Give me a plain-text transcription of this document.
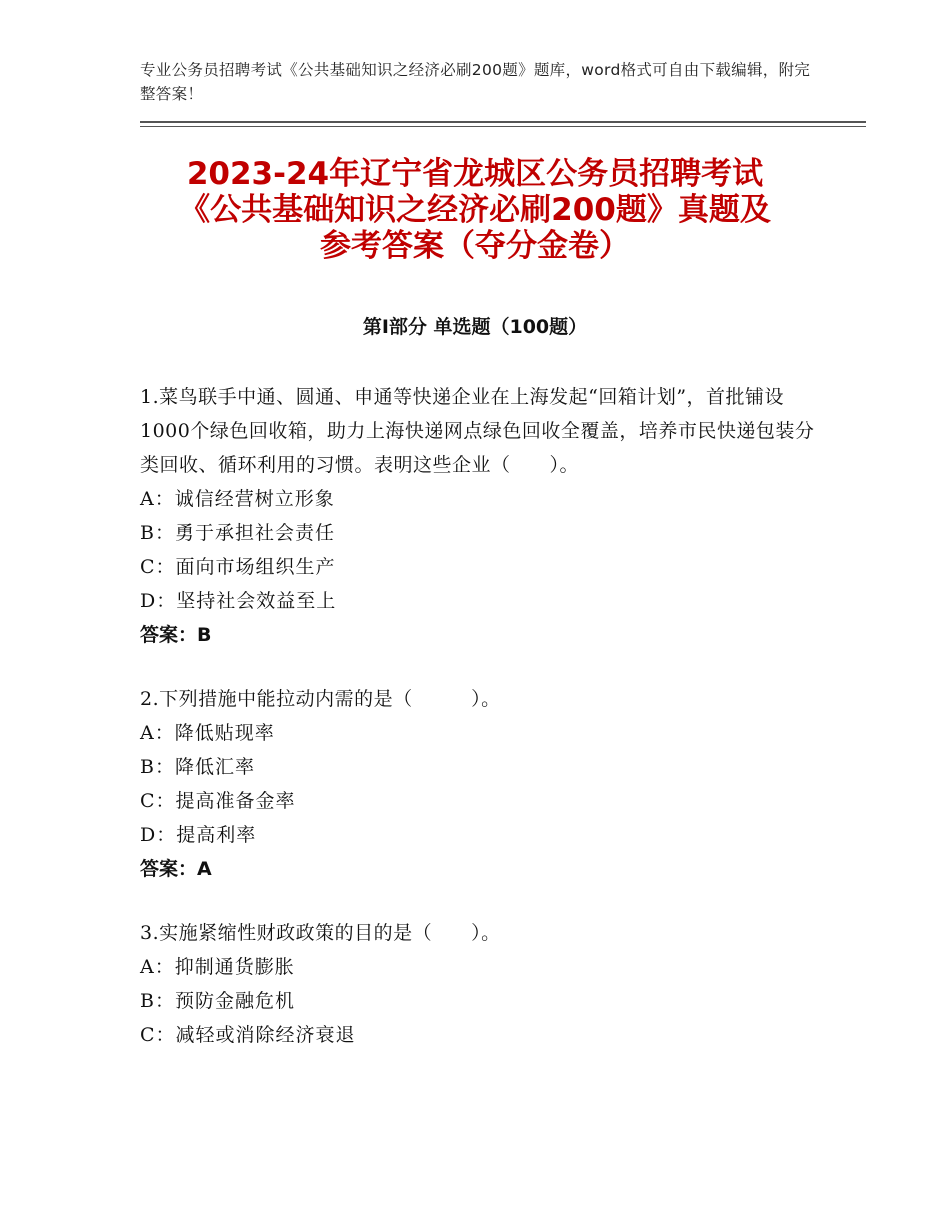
专业公务员招聘考试《公共基础知识之经济必刷200题》题库，word格式可自由下载编辑，附完整答案！
2023-24年辽宁省龙城区公务员招聘考试
《公共基础知识之经济必刷200题》真题及
参考答案（夺分金卷）
第Ⅰ部分 单选题（100题）

1.菜鸟联手中通、圆通、申通等快递企业在上海发起“回箱计划”，首批铺设1000个绿色回收箱，助力上海快递网点绿色回收全覆盖，培养市民快递包装分类回收、循环利用的习惯。表明这些企业（　　）。

A：诚信经营树立形象
B：勇于承担社会责任
C：面向市场组织生产
D：坚持社会效益至上
答案：B

2.下列措施中能拉动内需的是（　　　）。

A：降低贴现率
B：降低汇率
C：提高准备金率
D：提高利率
答案：A

3.实施紧缩性财政政策的目的是（　　）。

A：抑制通货膨胀
B：预防金融危机
C：减轻或消除经济衰退
